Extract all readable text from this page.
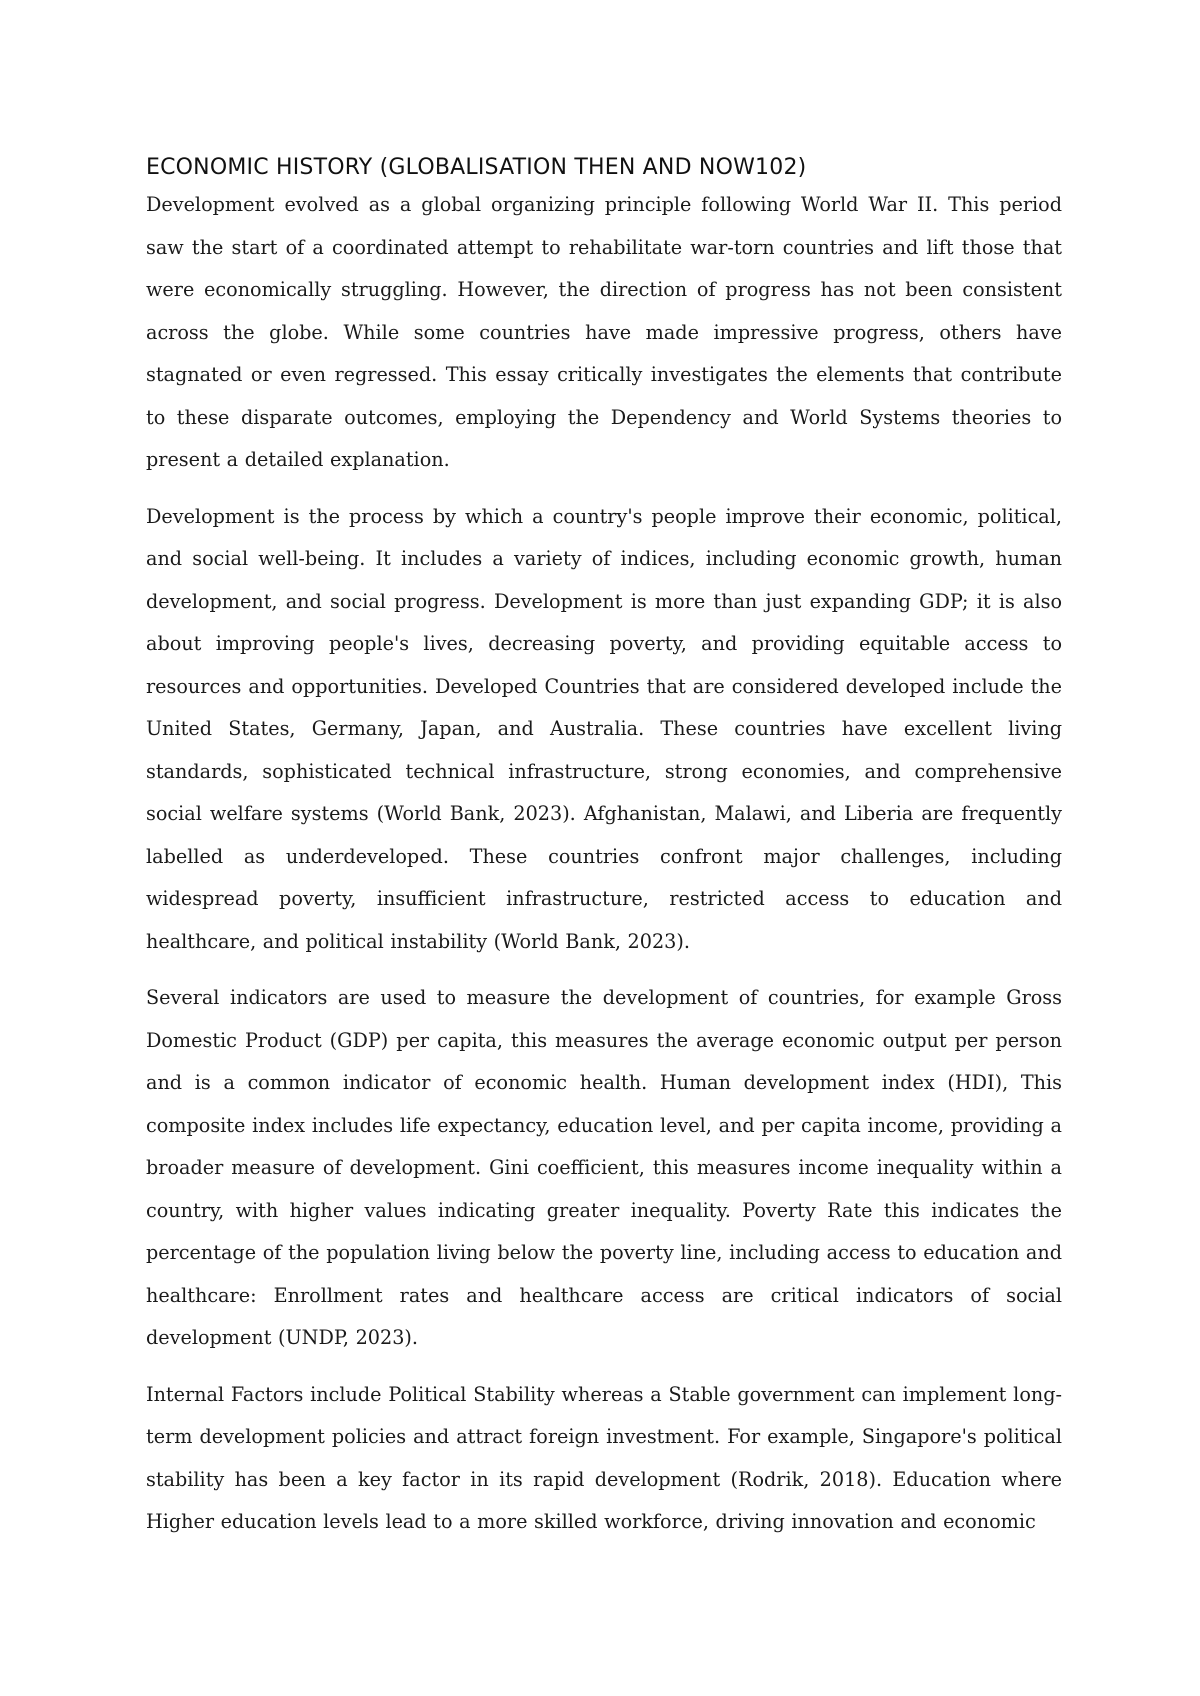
ECONOMIC HISTORY (GLOBALISATION THEN AND NOW102)

Development evolved as a global organizing principle following World War II. This period saw the start of a coordinated attempt to rehabilitate war-torn countries and lift those that were economically struggling. However, the direction of progress has not been consistent across the globe. While some countries have made impressive progress, others have stagnated or even regressed. This essay critically investigates the elements that contribute to these disparate outcomes, employing the Dependency and World Systems theories to present a detailed explanation.

Development is the process by which a country's people improve their economic, political, and social well-being. It includes a variety of indices, including economic growth, human development, and social progress. Development is more than just expanding GDP; it is also about improving people's lives, decreasing poverty, and providing equitable access to resources and opportunities. Developed Countries that are considered developed include the United States, Germany, Japan, and Australia. These countries have excellent living standards, sophisticated technical infrastructure, strong economies, and comprehensive social welfare systems (World Bank, 2023). Afghanistan, Malawi, and Liberia are frequently labelled as underdeveloped. These countries confront major challenges, including widespread poverty, insufficient infrastructure, restricted access to education and healthcare, and political instability (World Bank, 2023).

Several indicators are used to measure the development of countries, for example Gross Domestic Product (GDP) per capita, this measures the average economic output per person and is a common indicator of economic health. Human development index (HDI), This composite index includes life expectancy, education level, and per capita income, providing a broader measure of development. Gini coefficient, this measures income inequality within a country, with higher values indicating greater inequality. Poverty Rate this indicates the percentage of the population living below the poverty line, including access to education and healthcare: Enrollment rates and healthcare access are critical indicators of social development (UNDP, 2023).

Internal Factors include Political Stability whereas a Stable government can implement long-term development policies and attract foreign investment. For example, Singapore's political stability has been a key factor in its rapid development (Rodrik, 2018). Education where Higher education levels lead to a more skilled workforce, driving innovation and economic
